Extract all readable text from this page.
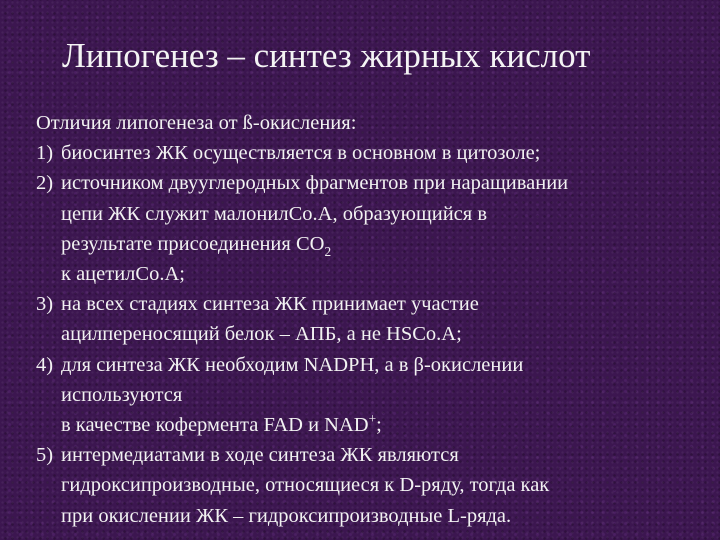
Липогенез – синтез жирных кислот

Отличия липогенеза от ß-окисления:

1) биосинтез ЖК осуществляется в основном в цитозоле;
2) источником двууглеродных фрагментов при наращивании
цепи ЖК служит малонилCo.A, образующийся в
результате присоединения $CO_2$
к ацетилCo.A;
3) на всех стадиях синтеза ЖК принимает участие
ацилпереносящий белок – АПБ, а не HSCo.A;
4) для синтеза ЖК необходим NADPH, а в β-окислении
используются
в качестве кофермента FAD и NAD+;
5) интермедиатами в ходе синтеза ЖК являются
гидроксипроизводные, относящиеся к D-ряду, тогда как
при окислении ЖК – гидроксипроизводные L-ряда.
